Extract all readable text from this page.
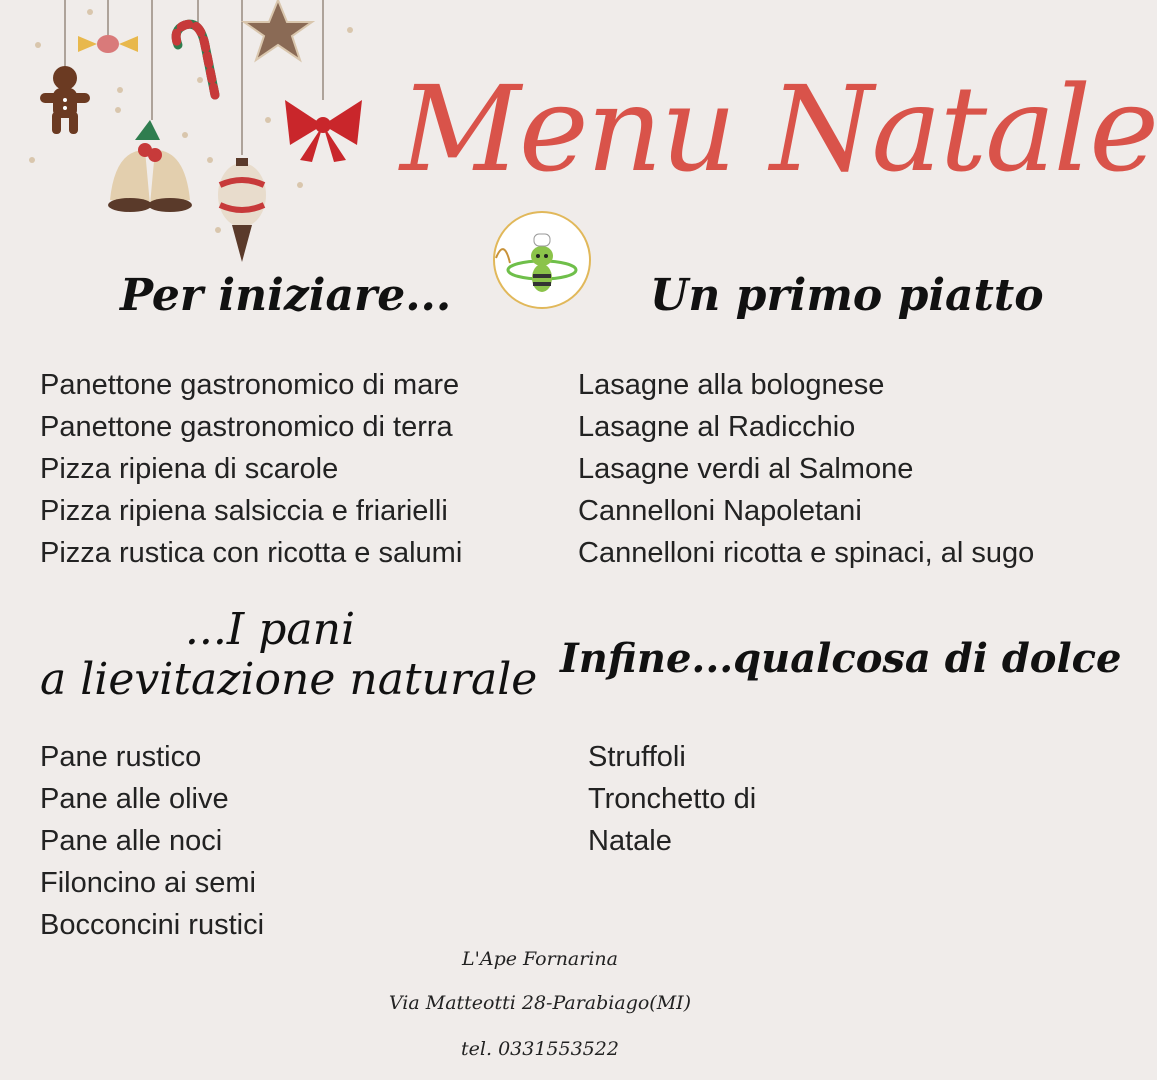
Menu Natale
Per iniziare...
Panettone gastronomico di mare
Panettone gastronomico di terra
Pizza ripiena di scarole
Pizza ripiena salsiccia e friarielli
Pizza rustica con ricotta e salumi
Un primo piatto
Lasagne alla bolognese
Lasagne al Radicchio
Lasagne verdi al Salmone
Cannelloni Napoletani
Cannelloni ricotta e spinaci, al sugo
...I pani
a lievitazione naturale
Pane rustico
Pane alle olive
Pane alle noci
Filoncino ai semi
Bocconcini rustici
Infine...qualcosa di dolce
Struffoli
Tronchetto di
Natale
L'Ape Fornarina
Via Matteotti 28-Parabiago(MI)
tel. 0331553522
